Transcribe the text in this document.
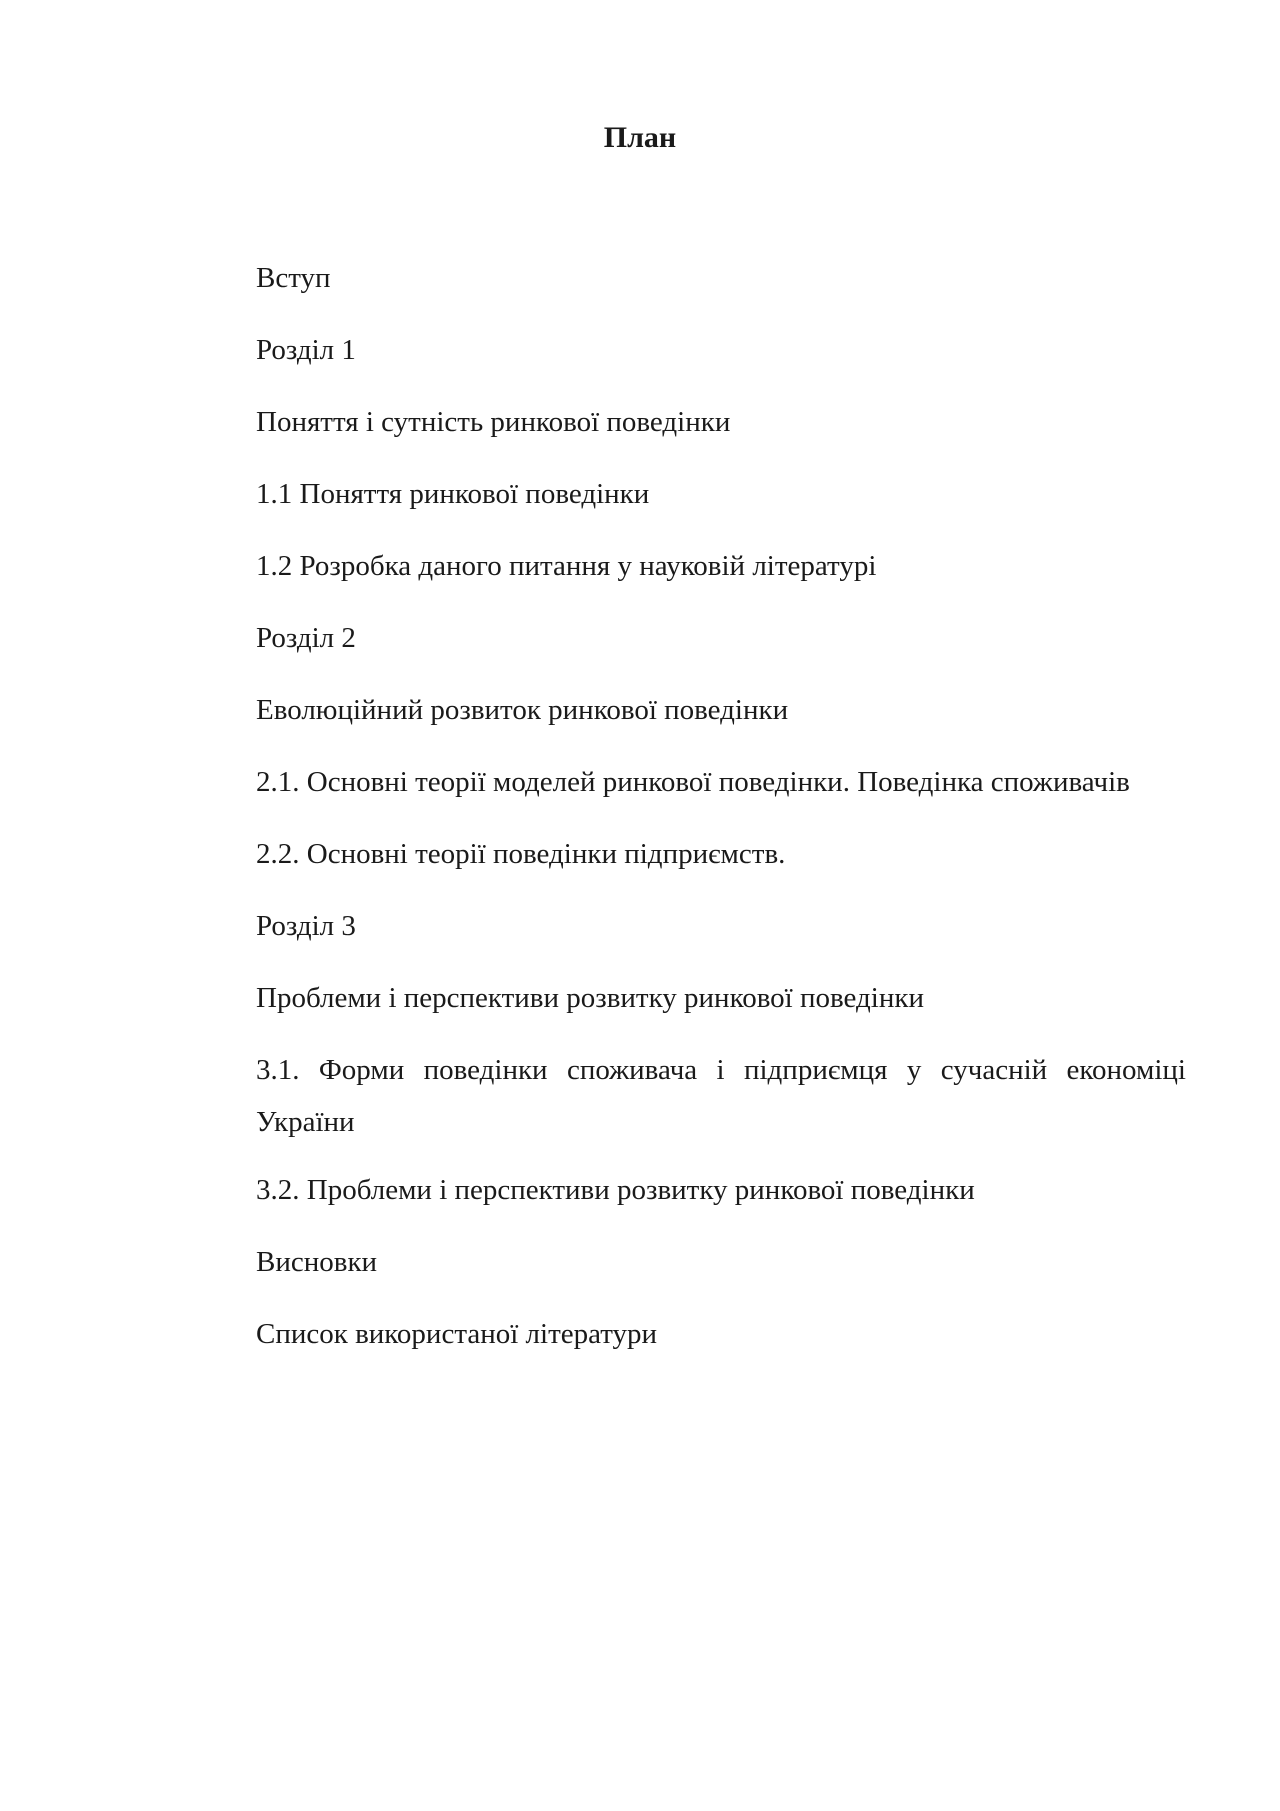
План
Вступ
Розділ 1
Поняття і сутність ринкової поведінки
1.1 Поняття ринкової поведінки
1.2 Розробка даного питання у науковій літературі
Розділ 2
Еволюційний розвиток ринкової поведінки
2.1. Основні теорії моделей ринкової поведінки. Поведінка споживачів
2.2. Основні теорії поведінки підприємств.
Розділ 3
Проблеми і перспективи розвитку ринкової поведінки
3.1. Форми поведінки споживача і підприємця у сучасній економіці України
3.2. Проблеми і перспективи розвитку ринкової поведінки
Висновки
Список використаної літератури
